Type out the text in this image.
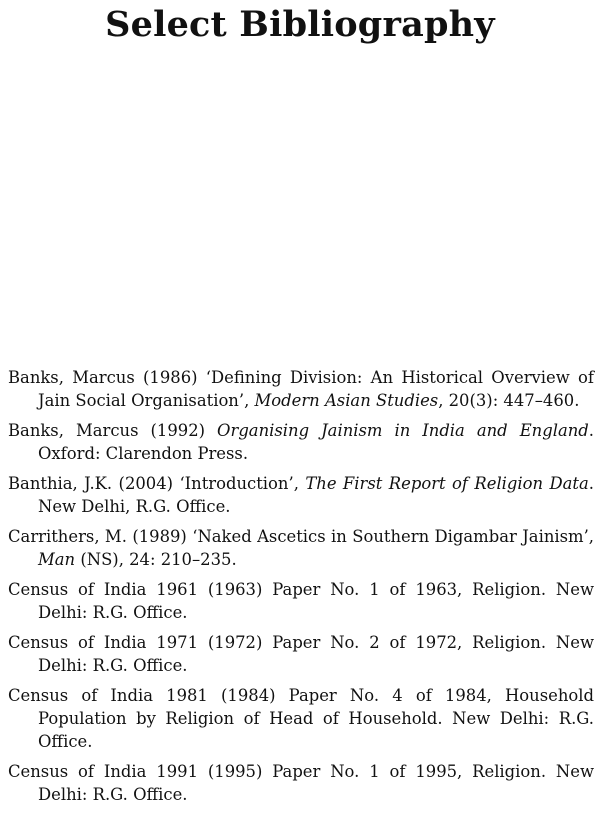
Select Bibliography
Banks, Marcus (1986) ‘Defining Division: An Historical Overview of Jain Social Organisation’, Modern Asian Studies, 20(3): 447–460.
Banks, Marcus (1992) Organising Jainism in India and England. Oxford: Clarendon Press.
Banthia, J.K. (2004) ‘Introduction’, The First Report of Religion Data. New Delhi, R.G. Office.
Carrithers, M. (1989) ‘Naked Ascetics in Southern Digambar Jainism’, Man (NS), 24: 210–235.
Census of India 1961 (1963) Paper No. 1 of 1963, Religion. New Delhi: R.G. Office.
Census of India 1971 (1972) Paper No. 2 of 1972, Religion. New Delhi: R.G. Office.
Census of India 1981 (1984) Paper No. 4 of 1984, Household Population by Religion of Head of Household. New Delhi: R.G. Office.
Census of India 1991 (1995) Paper No. 1 of 1995, Religion. New Delhi: R.G. Office.
